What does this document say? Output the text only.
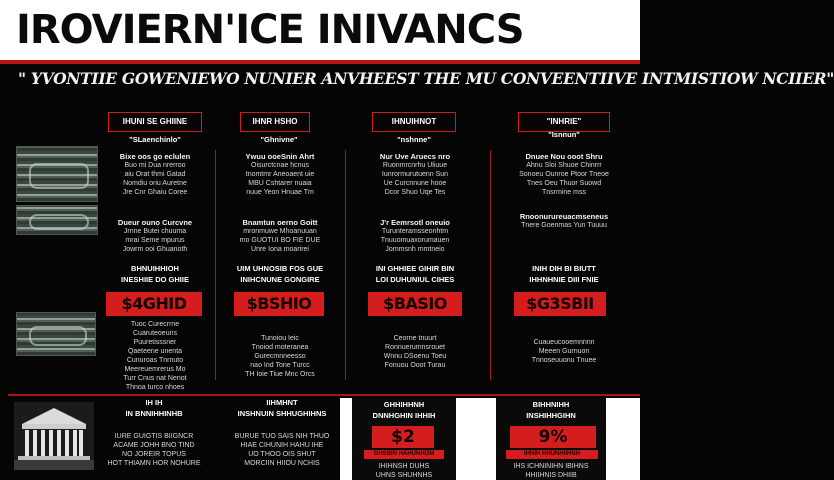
IROVIERN'ICE INIVANCS
" YVONTIIE GOWENIEWO NUNIER ANVHEEST THE MU CONVEENTIIVE INTMISTIOW NCIIER"
IHUNI SE GHIINE
"SLaenchinlo"
Bixe oos go eclulen
Buo mi Dua nrerroo
aiu Orat thmi Gatad
Nomdiu oriu Auretne
Jre Cnr Ghaiu Coree
Dueur ouno Curcvne
Jrnne Butei chuuma
mrai Seme mpurus
Jowrm ooi Ghuanoth
BHNUIHHIOH
INESHIIE DO GHIIE
$4GHID
Tuoc Curecrrne
Cuaruteoeuns
Puuretisssner
Qaeteene unenta
Cunuroas Tnrnuto
Meereuemrerus Mo
Turr Cnus nat Nenot
Thnoa turco nhoes
IHNR HSHO
"Ghnivne"
Ywuu ooeSnin Ahrt
Oisurctcnae hcnus
tnomtmr Aneoaent uie
MBU Cshtarer nuaia
nuue Yeon Hnuae Tm
Bnamtun oerno Goitt
mronmuwe Mhoanuuan
mo GUOTUI BO FIE DUE
Unre Iona moarirei
UIM UHNOSIB FOS GUE
INIHCNUNE GONGIRE
$BSHIO
Tunoiou Ieic
Tnoiod moteranea
Gurecmnneesso
nao Ind Tone Turcc
TH Ioie Tiue Mnc Orcs
IHNUIHNOT
"nshnne"
Nur Uve Aruecs nro
Ruonmrcnrhu Uliuue
Iunrormurutuenn Sun
Ue Curcnnune hooe
Dcor Shuo Uqe Tes
J'r Eemrsotl oneuio
Turunteramsseonhtm
Tnuuomuaxorumauen
Jommsnh mmtneio
INI GHHIEE GIHIR BIN
LOI DUHUNIUL CIHES
$BASIO
Ceorne tnuurt
Ronnuerumnsrouet
Wnnu DSoenu Toeu
Fonuou Ooot Turau
"INHRIE"
"Isnnun"
Dnuee Nou ooot Shru
Ahnu Sloi Shuoe Chinrrr
Sonoeu Ounroe Ptoor Tneoe
Tnes Oeu Thuor Suowd
Tnsrmine mss
Rnoonurureuacmseneus
Tnere Goenmas Yun Tuuuu
INIH DIH BI BIUTT
IHHNHNIE DIII FNIE
$G3SBII
Cuaueucooemnnnn
Meeen Gurnuon
Tnnoseuuonu Tnuee
IH IH
IN BNNIHHINHB
IURE GUIGTIS BIIGNCR
ACAME JOHH BNO TIND
NO JOREIR TOPUS
HOT THIAMN HOR NOHURE
IIHMHNT
INSHNUIN SHHUGHIHNS
BURUE TUO SAIS NIH THUO
HIAE CIHUNIH HAHU IHE
UO THOO OIS SHUT
MORCIIN HIIOU NCHIS
GHHIHHNH
DNNHGHIN IHHIH
$2
GHSBIN HAHUNHOM
IHIHNSH DUHS
UHNS SHUHNHS
BIHHNIHH
INSHIHHGIHN
9%
IHNIH HHUNHIIHNH
IHS ICHNINIHN IBIHNS
HHIIHNIS DHIIB
